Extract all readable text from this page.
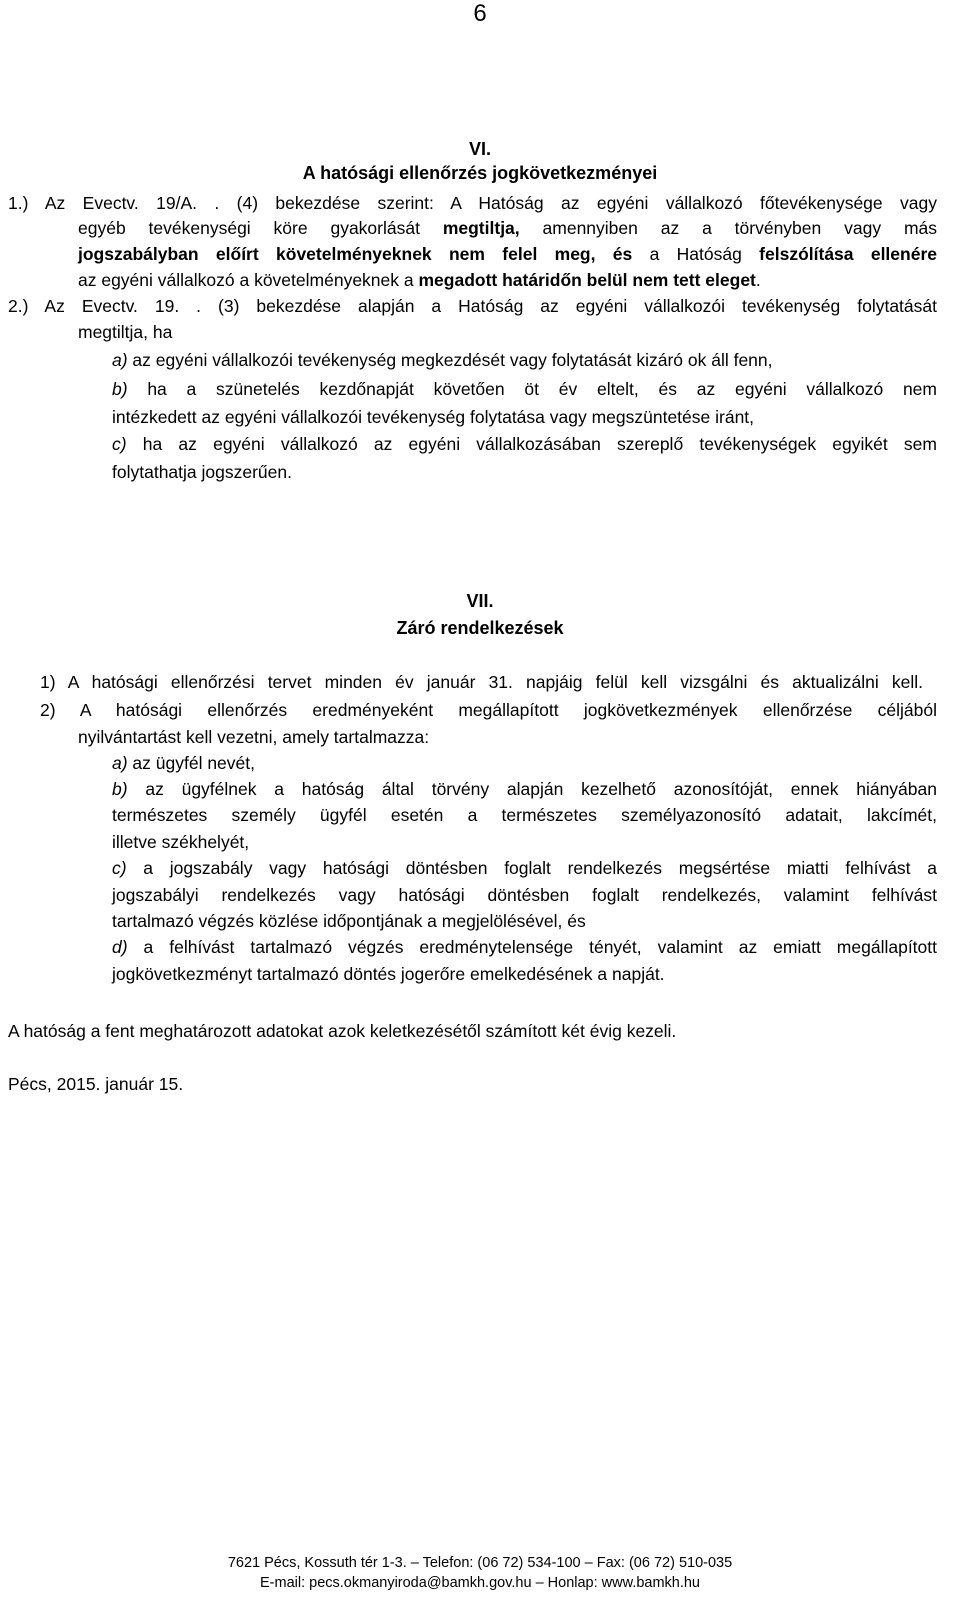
6
VI.
A hatósági ellenőrzés jogkövetkezményei
1.) Az Evectv. 19/A. . (4) bekezdése szerint: A Hatóság az egyéni vállalkozó főtevékenysége vagy
egyéb tevékenységi köre gyakorlását megtiltja, amennyiben az a törvényben vagy más
jogszabályban előírt követelményeknek nem felel meg, és a Hatóság felszólítása ellenére
az egyéni vállalkozó a követelményeknek a megadott határidőn belül nem tett eleget.
2.) Az Evectv. 19. . (3) bekezdése alapján a Hatóság az egyéni vállalkozói tevékenység folytatását
megtiltja, ha
a) az egyéni vállalkozói tevékenység megkezdését vagy folytatását kizáró ok áll fenn,
b) ha a szünetelés kezdőnapját követően öt év eltelt, és az egyéni vállalkozó nem
intézkedett az egyéni vállalkozói tevékenység folytatása vagy megszüntetése iránt,
c) ha az egyéni vállalkozó az egyéni vállalkozásában szereplő tevékenységek egyikét sem
folytathatja jogszerűen.
VII.
Záró rendelkezések
1) A hatósági ellenőrzési tervet minden év január 31. napjáig felül kell vizsgálni és aktualizálni kell.
2) A hatósági ellenőrzés eredményeként megállapított jogkövetkezmények ellenőrzése céljából
nyilvántartást kell vezetni, amely tartalmazza:
a) az ügyfél nevét,
b) az ügyfélnek a hatóság által törvény alapján kezelhető azonosítóját, ennek hiányában
természetes személy ügyfél esetén a természetes személyazonosító adatait, lakcímét,
illetve székhelyét,
c) a jogszabály vagy hatósági döntésben foglalt rendelkezés megsértése miatti felhívást a
jogszabályi rendelkezés vagy hatósági döntésben foglalt rendelkezés, valamint felhívást
tartalmazó végzés közlése időpontjának a megjelölésével, és
d) a felhívást tartalmazó végzés eredménytelensége tényét, valamint az emiatt megállapított
jogkövetkezményt tartalmazó döntés jogerőre emelkedésének a napját.
A hatóság a fent meghatározott adatokat azok keletkezésétől számított két évig kezeli.
Pécs, 2015. január 15.
7621 Pécs, Kossuth tér 1-3. – Telefon: (06 72) 534-100 – Fax: (06 72) 510-035
E-mail: pecs.okmanyiroda@bamkh.gov.hu – Honlap: www.bamkh.hu
